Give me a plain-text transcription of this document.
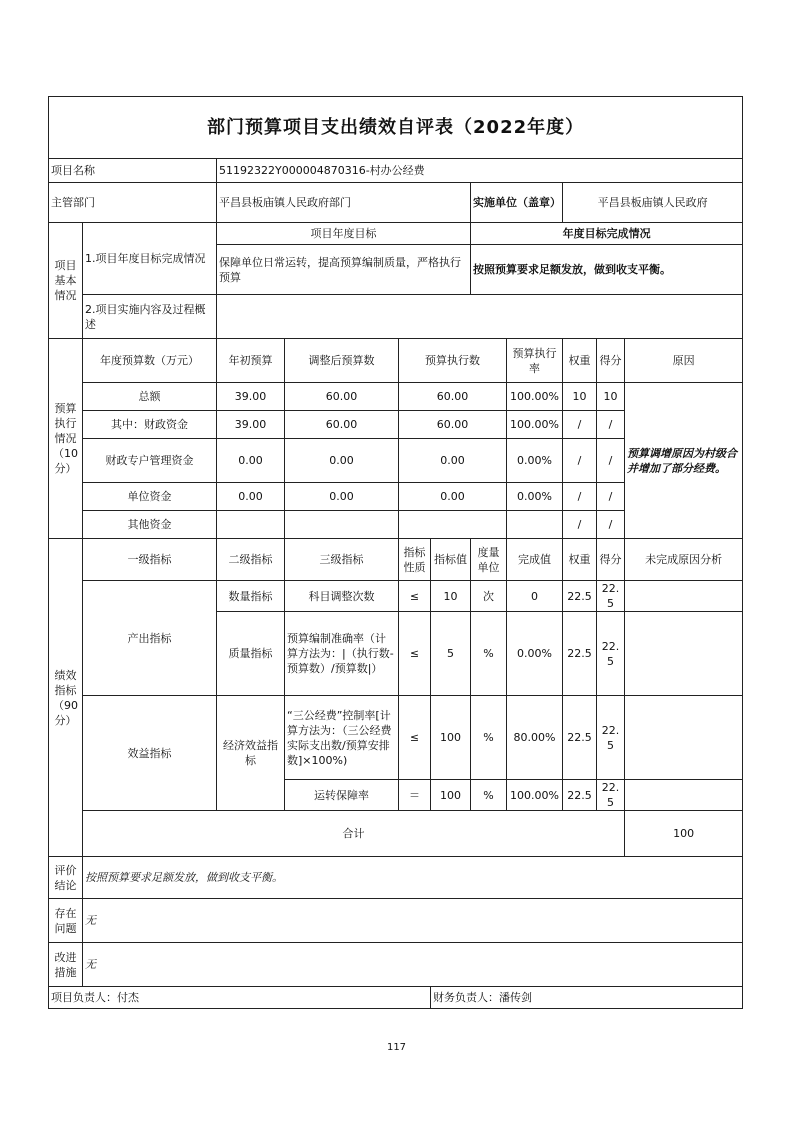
部门预算项目支出绩效自评表（2022年度）											
项目名称		51192322Y000004870316-村办公经费									
主管部门		平昌县板庙镇人民政府部门				实施单位（盖章）		平昌县板庙镇人民政府			
项目基本情况	1.项目年度目标完成情况	项目年度目标				年度目标完成情况					
		保障单位日常运转，提高预算编制质量，严格执行预算				按照预算要求足额发放，做到收支平衡。					
	2.项目实施内容及过程概述										

预算执行情况（10分）	年度预算数（万元）	年初预算	调整后预算数	预算执行数			预算执行率	权重	得分	原因	
	总额	39.00	60.00	60.00			100.00%	10	10	预算调增原因为村级合并增加了部分经费。	
	其中：财政资金	39.00	60.00	60.00			100.00%	/	/		
	财政专户管理资金	0.00	0.00	0.00			0.00%	/	/		
	单位资金	0.00	0.00	0.00			0.00%	/	/		
	其他资金							/	/		
绩效指标（90分）	一级指标	二级指标	三级指标	指标性质	指标值	度量单位	完成值	权重	得分	未完成原因分析	
	产出指标	数量指标	科目调整次数	≤	10	次	0	22.5	22.5		
		质量指标	预算编制准确率（计算方法为：|（执行数-预算数）/预算数|）	≤	5	%	0.00%	22.5	22.5		
	效益指标	经济效益指标	“三公经费”控制率[计算方法为：（三公经费实际支出数/预算安排数]×100%)	≤	100	%	80.00%	22.5	22.5		
			运转保障率	＝	100	%	100.00%	22.5	22.5		
	合计									100		
评价结论	按照预算要求足额发放，做到收支平衡。										
存在问题	无										
改进措施	无										
项目负责人：付杰					财务负责人：潘传剑						
117
